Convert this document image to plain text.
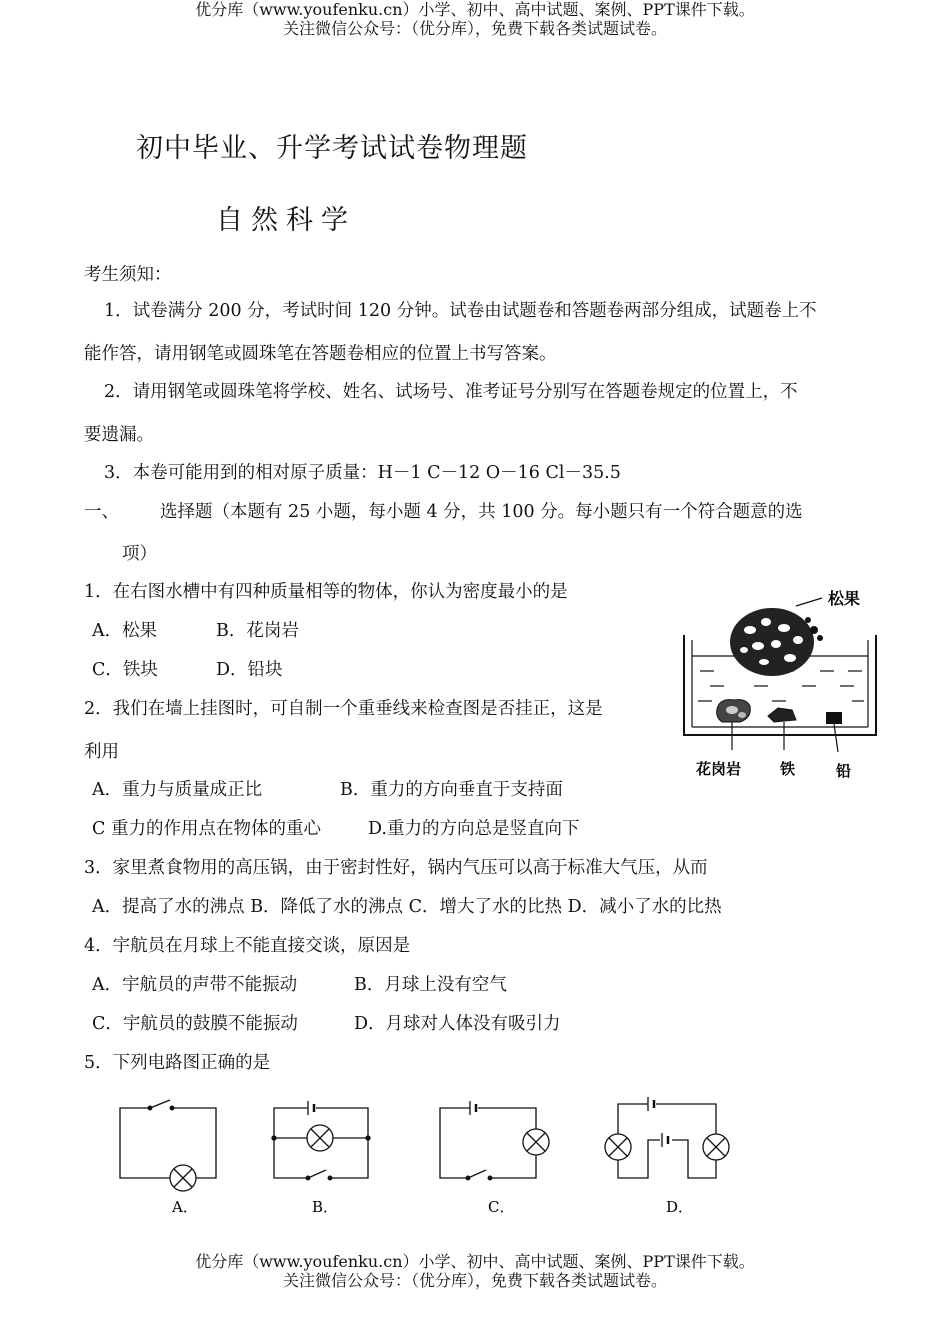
优分库（www.youfenku.cn）小学、初中、高中试题、案例、PPT课件下载。
关注微信公众号：（优分库），免费下载各类试题试卷。
初中毕业、升学考试试卷物理题
自然科学
考生须知：
1．试卷满分 200 分，考试时间 120 分钟。试卷由试题卷和答题卷两部分组成，试题卷上不
能作答，请用钢笔或圆珠笔在答题卷相应的位置上书写答案。
2．请用钢笔或圆珠笔将学校、姓名、试场号、准考证号分别写在答题卷规定的位置上，不
要遗漏。
3．本卷可能用到的相对原子质量：H－1 C－12 O－16 Cl－35.5
一、 选择题（本题有 25 小题，每小题 4 分，共 100 分。每小题只有一个符合题意的选
项）
1．在右图水槽中有四种质量相等的物体，你认为密度最小的是
A．松果	B．花岗岩
C．铁块	D．铅块
2．我们在墙上挂图时，可自制一个重垂线来检查图是否挂正，这是
利用
A．重力与质量成正比	B．重力的方向垂直于支持面
C 重力的作用点在物体的重心	D.重力的方向总是竖直向下
3．家里煮食物用的高压锅，由于密封性好，锅内气压可以高于标准大气压，从而
A．提高了水的沸点 B．降低了水的沸点 C．增大了水的比热 D．减小了水的比热
4．宇航员在月球上不能直接交谈，原因是
A．宇航员的声带不能振动	B．月球上没有空气
C．宇航员的鼓膜不能振动	D．月球对人体没有吸引力
5．下列电路图正确的是
松果
花岗岩	铁	铅
A．	B．	C．	D．
优分库（www.youfenku.cn）小学、初中、高中试题、案例、PPT课件下载。
关注微信公众号：（优分库），免费下载各类试题试卷。
